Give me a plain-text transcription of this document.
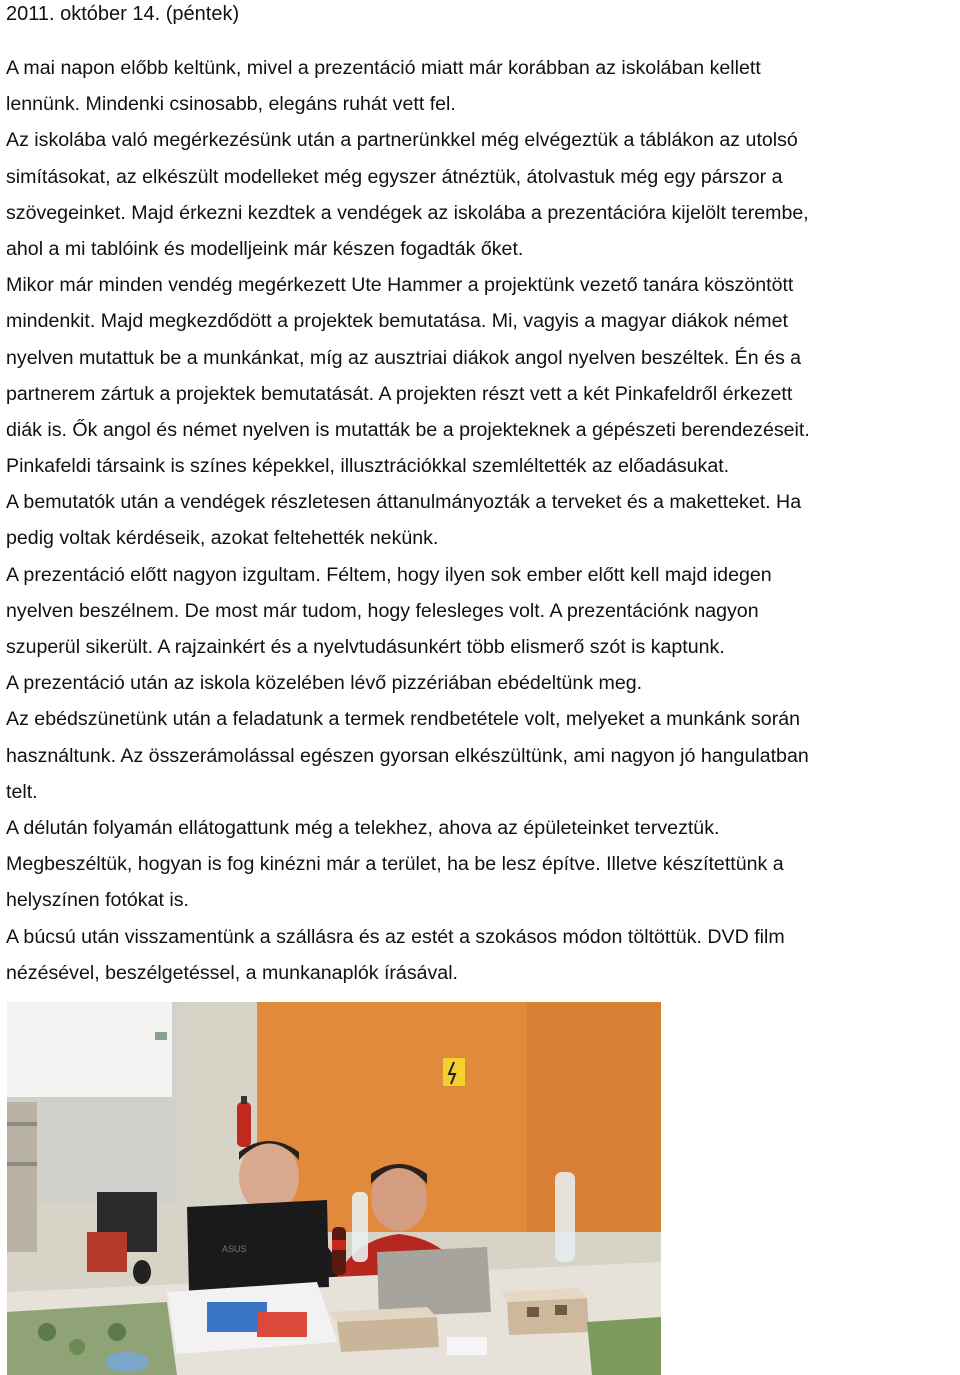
2011. október 14. (péntek)
A mai napon előbb keltünk, mivel a prezentáció miatt már korábban az iskolában kellett
lennünk. Mindenki csinosabb, elegáns ruhát vett fel.
Az iskolába való megérkezésünk után a partnerünkkel még elvégeztük a táblákon az utolsó
simításokat, az elkészült modelleket még egyszer átnéztük, átolvastuk még egy párszor a
szövegeinket. Majd érkezni kezdtek a vendégek az iskolába a prezentációra kijelölt terembe,
ahol a mi tablóink és modelljeink már készen fogadták őket.
Mikor már minden vendég megérkezett Ute Hammer a projektünk vezető tanára köszöntött
mindenkit. Majd megkezdődött a projektek bemutatása. Mi, vagyis a magyar diákok német
nyelven mutattuk be a munkánkat, míg az ausztriai diákok angol nyelven beszéltek. Én és a
partnerem zártuk a projektek bemutatását. A projekten részt vett a két Pinkafeldről érkezett
diák is. Ők angol és német nyelven is mutatták be a projekteknek a gépészeti berendezéseit.
Pinkafeldi társaink is színes képekkel, illusztrációkkal szemléltették az előadásukat.
A bemutatók után a vendégek részletesen áttanulmányozták a terveket és a maketteket. Ha
pedig voltak kérdéseik, azokat feltehették nekünk.
A prezentáció előtt nagyon izgultam. Féltem, hogy ilyen sok ember előtt kell majd idegen
nyelven beszélnem. De most már tudom, hogy felesleges volt. A prezentációnk nagyon
szuperül sikerült. A rajzainkért és a nyelvtudásunkért több elismerő szót is kaptunk.
A prezentáció után az iskola közelében lévő pizzériában ebédeltünk meg.
Az ebédszünetünk után a feladatunk a termek rendbetétele volt, melyeket a munkánk során
használtunk. Az összerámolással egészen gyorsan elkészültünk, ami nagyon jó hangulatban
telt.
A délután folyamán ellátogattunk még a telekhez, ahova az épületeinket terveztük.
Megbeszéltük, hogyan is fog kinézni már a terület, ha be lesz építve. Illetve készítettünk a
helyszínen fotókat is.
A búcsú után visszamentünk a szállásra és az estét a szokásos módon töltöttük. DVD film
nézésével, beszélgetéssel, a munkanaplók írásával.
ASUS
